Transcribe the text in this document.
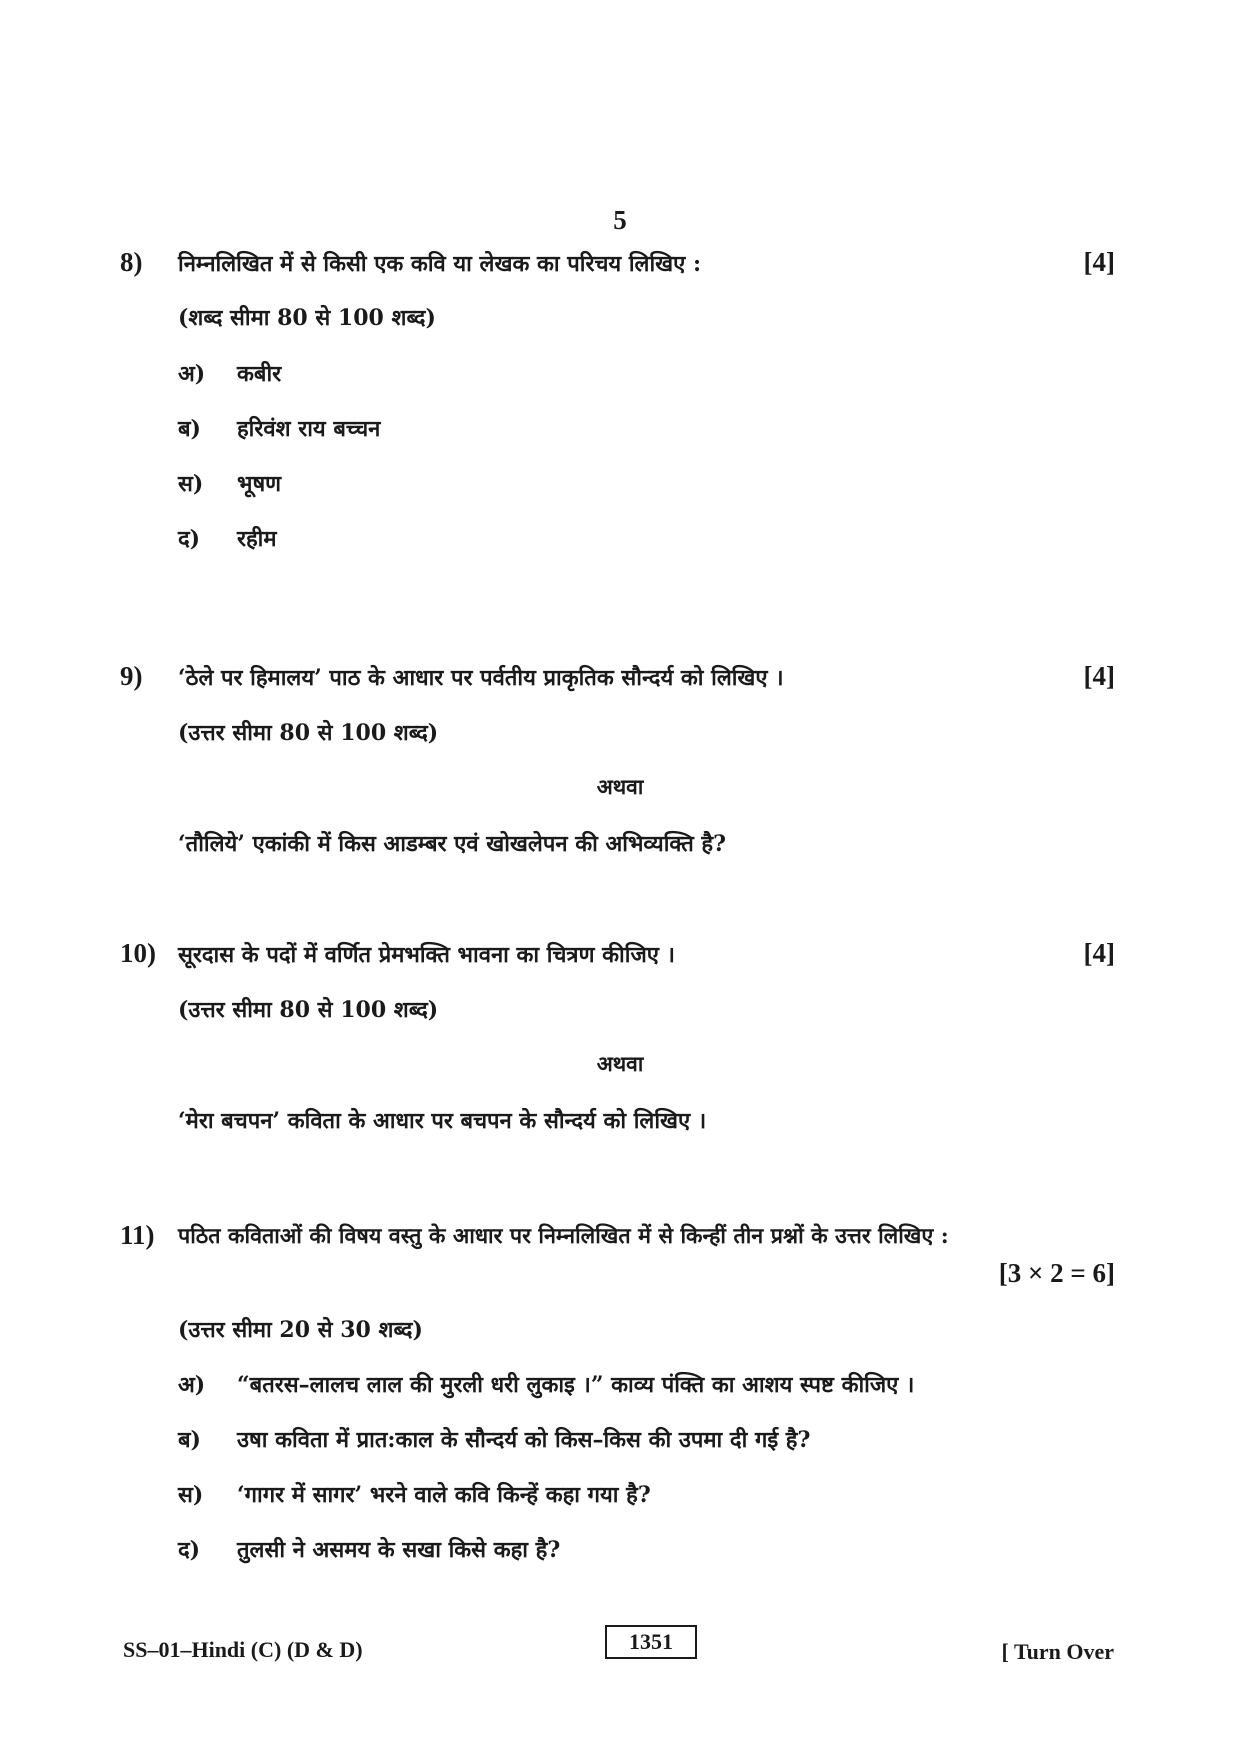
5
8) निम्नलिखित में से किसी एक कवि या लेखक का परिचय लिखिए :	[4]
(शब्द सीमा 80 से 100 शब्द)
अ) कबीर
ब) हरिवंश राय बच्चन
स) भूषण
द) रहीम
9) ‘ठेले पर हिमालय’ पाठ के आधार पर पर्वतीय प्राकृतिक सौन्दर्य को लिखिए ।	[4]
(उत्तर सीमा 80 से 100 शब्द)
अथवा
‘तौलिये’ एकांकी में किस आडम्बर एवं खोखलेपन की अभिव्यक्ति है?
10) सूरदास के पदों में वर्णित प्रेमभक्ति भावना का चित्रण कीजिए ।	[4]
(उत्तर सीमा 80 से 100 शब्द)
अथवा
‘मेरा बचपन’ कविता के आधार पर बचपन के सौन्दर्य को लिखिए ।
11) पठित कविताओं की विषय वस्तु के आधार पर निम्नलिखित में से किन्हीं तीन प्रश्नों के उत्तर लिखिए :
[3 × 2 = 6]
(उत्तर सीमा 20 से 30 शब्द)
अ) “बतरस–लालच लाल की मुरली धरी लुकाइ ।” काव्य पंक्ति का आशय स्पष्ट कीजिए ।
ब) उषा कविता में प्रात:काल के सौन्दर्य को किस–किस की उपमा दी गई है?
स) ‘गागर में सागर’ भरने वाले कवि किन्हें कहा गया है?
द) तुलसी ने असमय के सखा किसे कहा है?
SS–01–Hindi (C) (D & D)	1351	[ Turn Over
